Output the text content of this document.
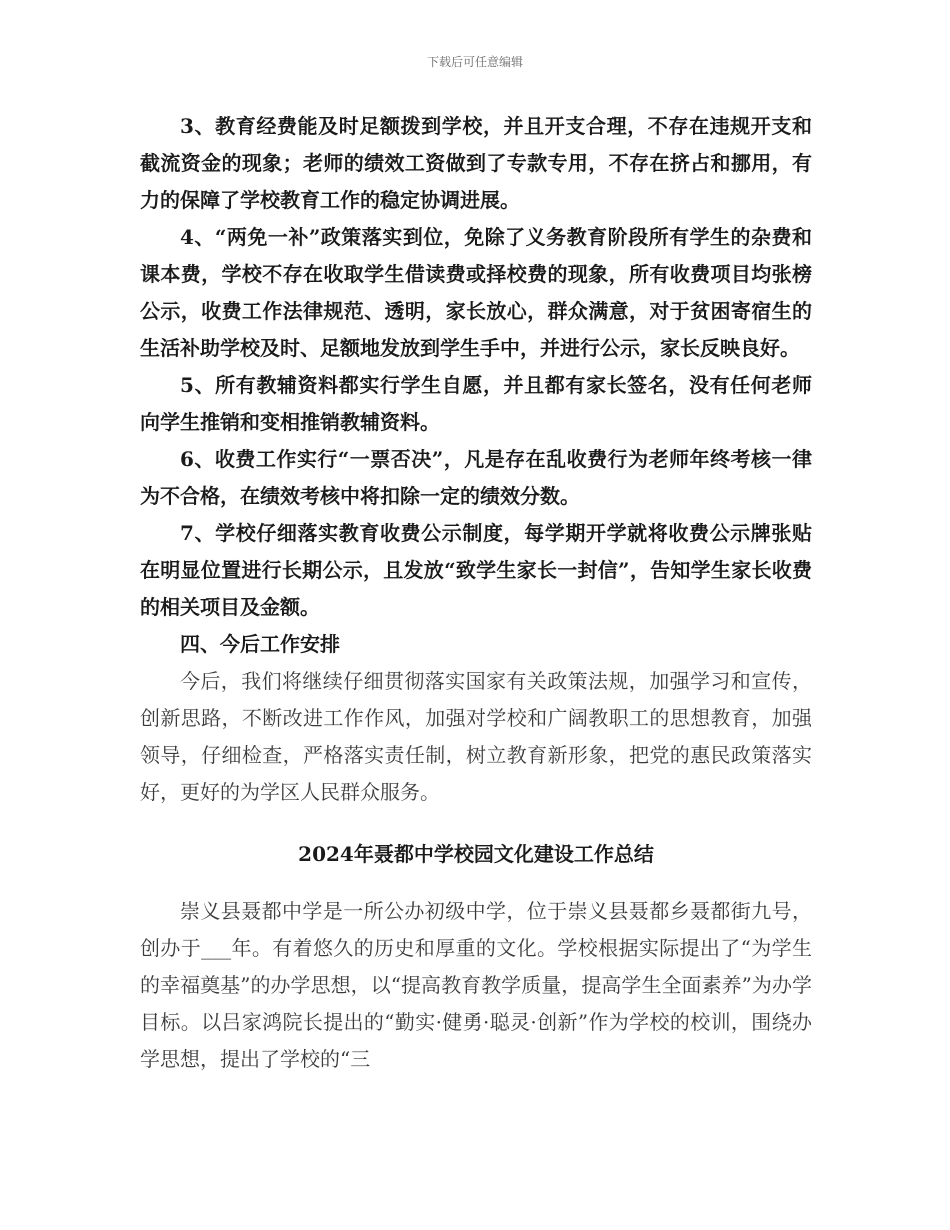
下载后可任意编辑

3、教育经费能及时足额拨到学校，并且开支合理，不存在违规开支和截流资金的现象；老师的绩效工资做到了专款专用，不存在挤占和挪用，有力的保障了学校教育工作的稳定协调进展。

4、“两免一补”政策落实到位，免除了义务教育阶段所有学生的杂费和课本费，学校不存在收取学生借读费或择校费的现象，所有收费项目均张榜公示，收费工作法律规范、透明，家长放心，群众满意，对于贫困寄宿生的生活补助学校及时、足额地发放到学生手中，并进行公示，家长反映良好。

5、所有教辅资料都实行学生自愿，并且都有家长签名，没有任何老师向学生推销和变相推销教辅资料。

6、收费工作实行“一票否决”，凡是存在乱收费行为老师年终考核一律为不合格，在绩效考核中将扣除一定的绩效分数。

7、学校仔细落实教育收费公示制度，每学期开学就将收费公示牌张贴在明显位置进行长期公示，且发放“致学生家长一封信”，告知学生家长收费的相关项目及金额。

四、今后工作安排

今后，我们将继续仔细贯彻落实国家有关政策法规，加强学习和宣传，创新思路，不断改进工作作风，加强对学校和广阔教职工的思想教育，加强领导，仔细检查，严格落实责任制，树立教育新形象，把党的惠民政策落实好，更好的为学区人民群众服务。

2024年聂都中学校园文化建设工作总结

崇义县聂都中学是一所公办初级中学，位于崇义县聂都乡聂都街九号，创办于___年。有着悠久的历史和厚重的文化。学校根据实际提出了“为学生的幸福奠基”的办学思想，以“提高教育教学质量，提高学生全面素养”为办学目标。以吕家鸿院长提出的“勤实·健勇·聪灵·创新”作为学校的校训，围绕办学思想，提出了学校的“三
